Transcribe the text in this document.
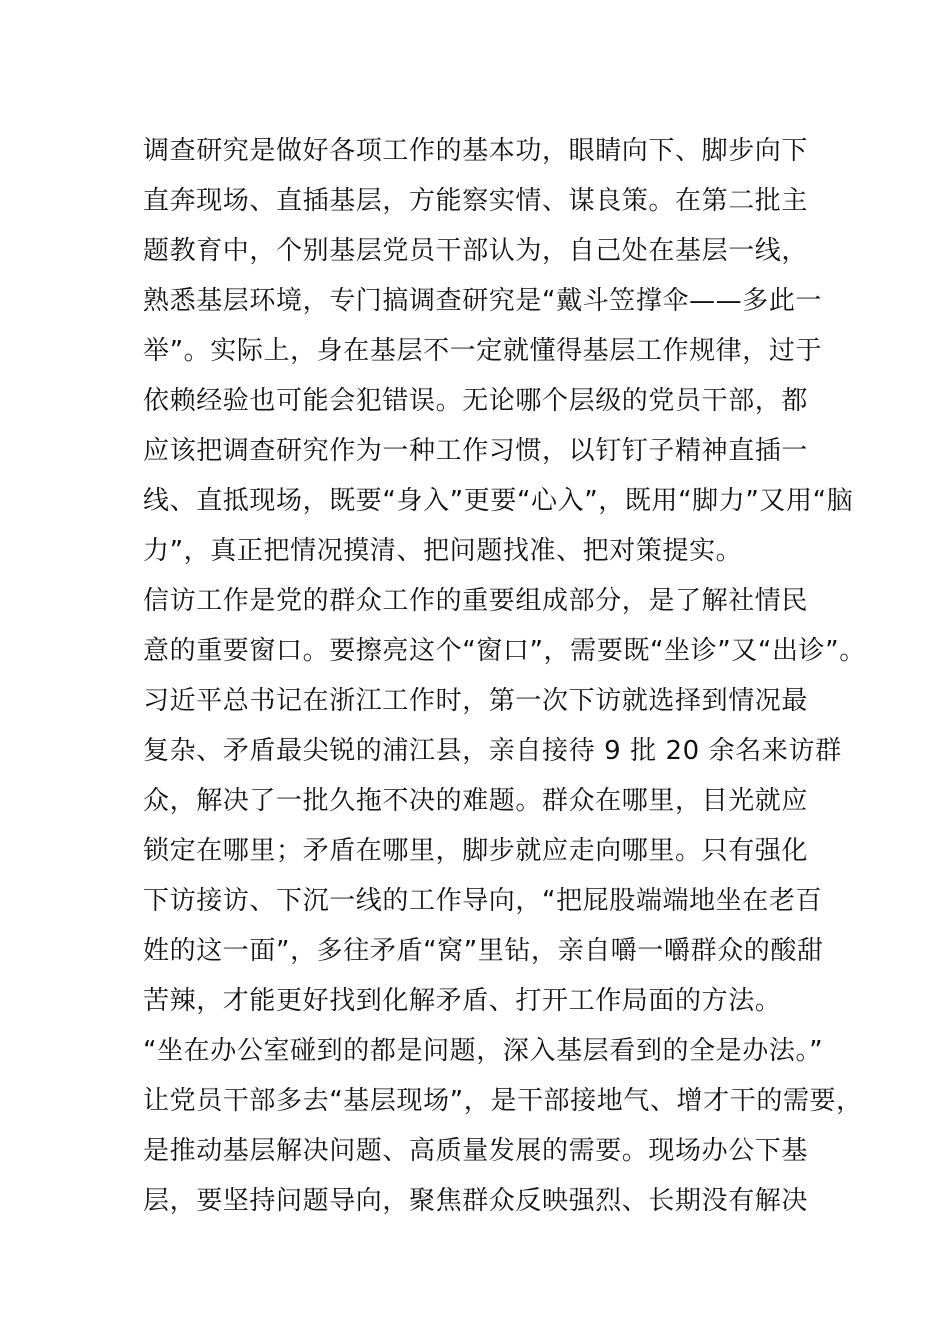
调查研究是做好各项工作的基本功，眼睛向下、脚步向下
直奔现场、直插基层，方能察实情、谋良策。在第二批主
题教育中，个别基层党员干部认为，自己处在基层一线，
熟悉基层环境，专门搞调查研究是“戴斗笠撑伞——多此一
举”。实际上，身在基层不一定就懂得基层工作规律，过于
依赖经验也可能会犯错误。无论哪个层级的党员干部，都
应该把调查研究作为一种工作习惯，以钉钉子精神直插一
线、直抵现场，既要“身入”更要“心入”，既用“脚力”又用“脑
力”，真正把情况摸清、把问题找准、把对策提实。
信访工作是党的群众工作的重要组成部分，是了解社情民
意的重要窗口。要擦亮这个“窗口”，需要既“坐诊”又“出诊”。
习近平总书记在浙江工作时，第一次下访就选择到情况最
复杂、矛盾最尖锐的浦江县，亲自接待 9 批 20 余名来访群
众，解决了一批久拖不决的难题。群众在哪里，目光就应
锁定在哪里；矛盾在哪里，脚步就应走向哪里。只有强化
下访接访、下沉一线的工作导向，“把屁股端端地坐在老百
姓的这一面”，多往矛盾“窝”里钻，亲自嚼一嚼群众的酸甜
苦辣，才能更好找到化解矛盾、打开工作局面的方法。
“坐在办公室碰到的都是问题，深入基层看到的全是办法。”
让党员干部多去“基层现场”，是干部接地气、增才干的需要，
是推动基层解决问题、高质量发展的需要。现场办公下基
层，要坚持问题导向，聚焦群众反映强烈、长期没有解决
